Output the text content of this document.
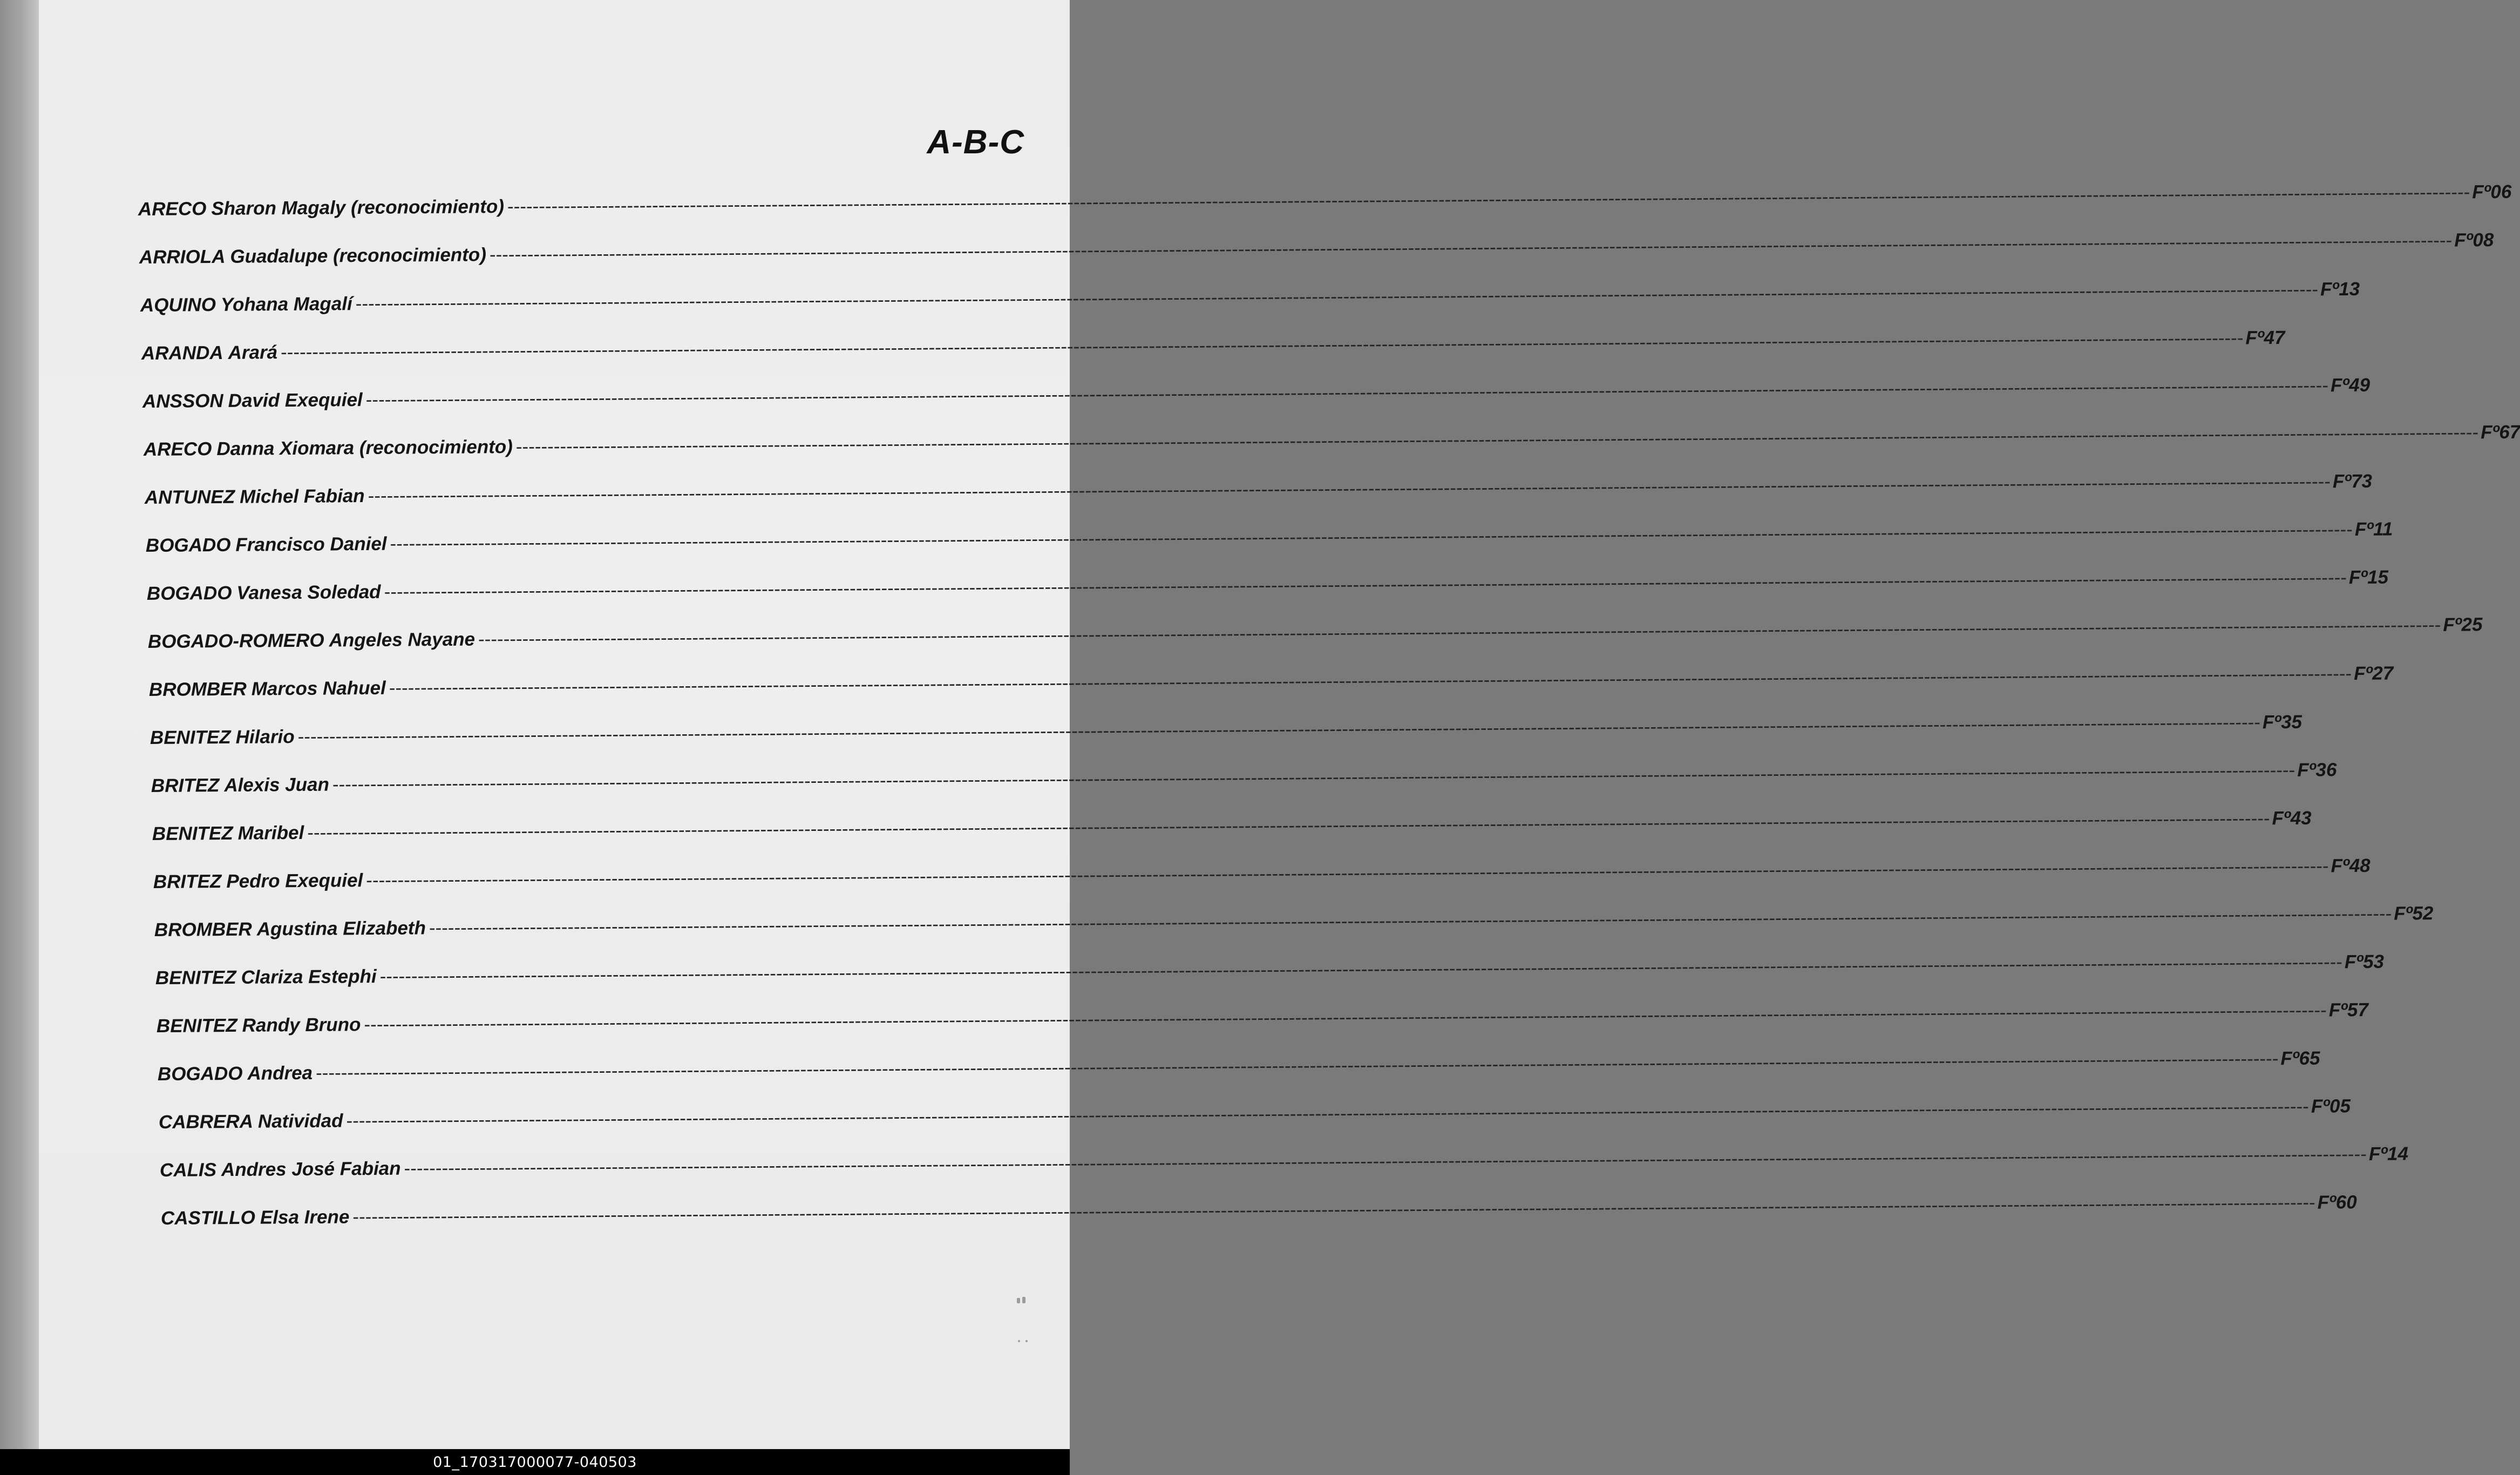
A-B-C
ARECO Sharon Magaly (reconocimiento)
-----
Fº06
ARRIOLA Guadalupe (reconocimiento)
-----
Fº08
AQUINO Yohana Magalí
-----
Fº13
ARANDA Arará
-----
Fº47
ANSSON David Exequiel
-----
Fº49
ARECO Danna Xiomara (reconocimiento)
-----
Fº67
ANTUNEZ Michel Fabian
-----
Fº73
BOGADO Francisco Daniel
-----
Fº11
BOGADO Vanesa Soledad
-----
Fº15
BOGADO-ROMERO Angeles Nayane
-----
Fº25
BROMBER Marcos Nahuel
-----
Fº27
BENITEZ Hilario
-----
Fº35
BRITEZ Alexis Juan
-----
Fº36
BENITEZ Maribel
-----
Fº43
BRITEZ Pedro Exequiel
-----
Fº48
BROMBER Agustina Elizabeth
-----
Fº52
BENITEZ Clariza Estephi
-----
Fº53
BENITEZ Randy Bruno
-----
Fº57
BOGADO Andrea
-----
Fº65
CABRERA Natividad
-----
Fº05
CALIS Andres José Fabian
-----
Fº14
CASTILLO Elsa Irene
-----
Fº60
01_170317000077-040503
